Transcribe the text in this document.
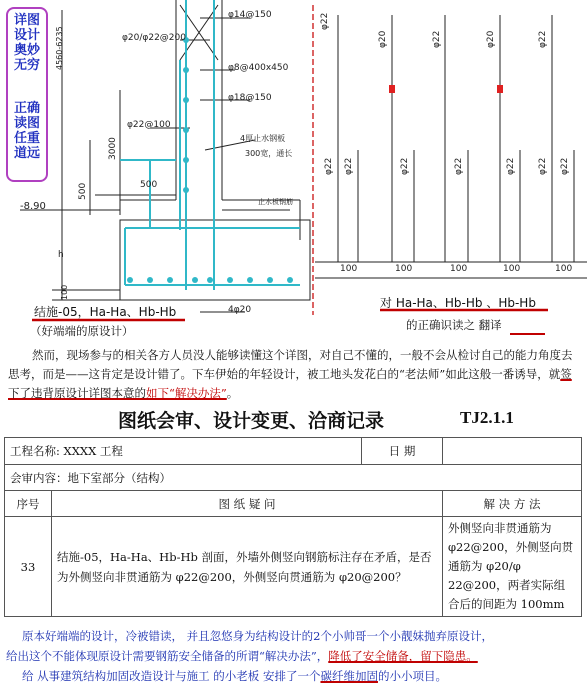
详图
设计
奥妙
无穷
正确
读图
任重
道远
φ14@150
φ20/φ22@200
φ8@400x450
φ18@150
φ22@100
4厚止水钢板
300宽，通长
止水板钢筋
4φ20
4560-6235
3000
500	500
100
-8.90
h
结施-05，Ha-Ha、Hb-Hb
（好端端的原设计）
φ22
φ20	φ22	φ20	φ22
φ22 φ22	φ22	φ22	φ22	φ22
φ22
100	100	100	100	100
对 Ha-Ha、Hb-Hb 、Hb-Hb
的正确识读之 翻译
然而，现场参与的相关各方人员没人能够读懂这个详图，对自己不懂的，一般不会从检讨自己的能力角度去思考，而是——这肯定是设计错了。下车伊始的年轻设计，被工地头发花白的“老法师”如此这般一番诱导，就签下了违背原设计详图本意的如下“解决办法”。
图纸会审、设计变更、洽商记录	TJ2.1.1
工程名称: XXXX 工程		日 期	
会审内容：地下室部分（结构）			
序号	图 纸 疑 问		解 决 方 法
33	结施-05，Ha-Ha、Hb-Hb 剖面，外墙外侧竖向钢筋标注存在矛盾，是否为外侧竖向非贯通筋为 φ22@200，外侧竖向贯通筋为 φ20@200？		外侧竖向非贯通筋为 φ22@200，外侧竖向贯通筋为 φ20/φ 22@200，两者实际组合后的间距为 100mm
原本好端端的设计，冷被错读， 并且忽悠身为结构设计的2个小帅哥一个小靓妹抛弃原设计，
给出这个不能体现原设计需要钢筋安全储备的所谓“解决办法”，降低了安全储备，留下隐患。
给 从事建筑结构加固改造设计与施工 的小老板 安排了一个碳纤维加固的小小项目。
